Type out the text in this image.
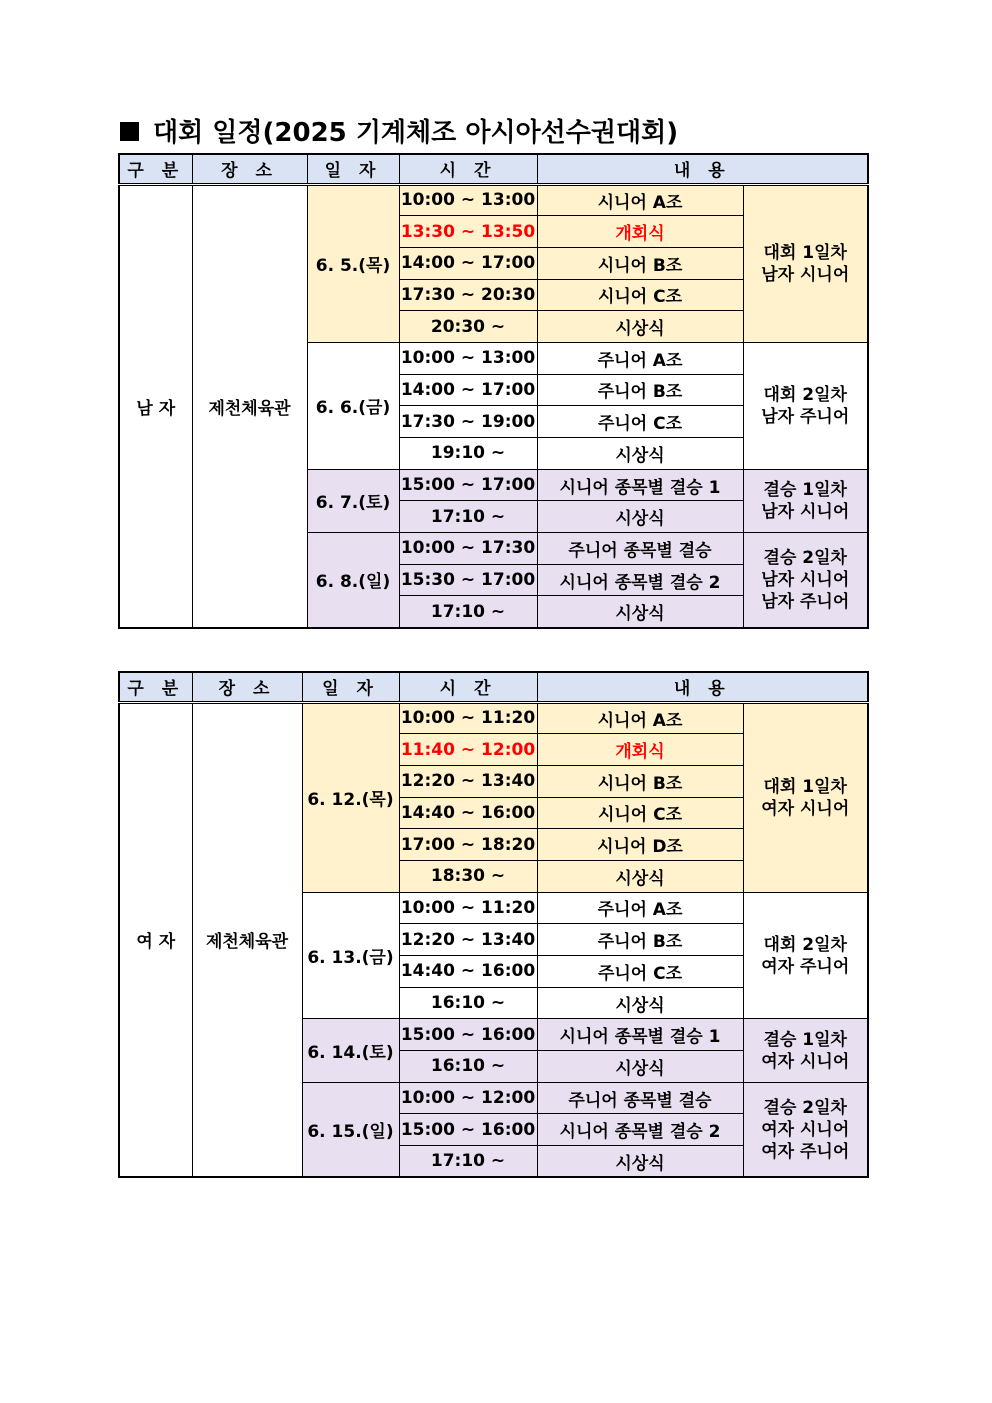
대회 일정(2025 기계체조 아시아선수권대회)
구 분	장 소	일 자	시 간	내 용	
남 자	제천체육관	6. 5.(목)	10:00 ~ 13:00	시니어 A조	대회 1일차
남자 시니어

			13:30 ~ 13:50	개회식	
			14:00 ~ 17:00	시니어 B조	
			17:30 ~ 20:30	시니어 C조	
			20:30 ~	시상식	
		6. 6.(금)	10:00 ~ 13:00	주니어 A조	대회 2일차
남자 주니어

			14:00 ~ 17:00	주니어 B조	
			17:30 ~ 19:00	주니어 C조	
			19:10 ~	시상식	
		6. 7.(토)	15:00 ~ 17:00	시니어 종목별 결승 1	결승 1일차
남자 시니어

			17:10 ~	시상식	
		6. 8.(일)	10:00 ~ 17:30	주니어 종목별 결승	결승 2일차
남자 시니어
남자 주니어

			15:30 ~ 17:00	시니어 종목별 결승 2	
			17:10 ~	시상식	
구 분	장 소	일 자	시 간	내 용	
여 자	제천체육관	6. 12.(목)	10:00 ~ 11:20	시니어 A조	대회 1일차
여자 시니어

			11:40 ~ 12:00	개회식	
			12:20 ~ 13:40	시니어 B조	
			14:40 ~ 16:00	시니어 C조	
			17:00 ~ 18:20	시니어 D조	
			18:30 ~	시상식	
		6. 13.(금)	10:00 ~ 11:20	주니어 A조	대회 2일차
여자 주니어

			12:20 ~ 13:40	주니어 B조	
			14:40 ~ 16:00	주니어 C조	
			16:10 ~	시상식	
		6. 14.(토)	15:00 ~ 16:00	시니어 종목별 결승 1	결승 1일차
여자 시니어

			16:10 ~	시상식	
		6. 15.(일)	10:00 ~ 12:00	주니어 종목별 결승	결승 2일차
여자 시니어
여자 주니어

			15:00 ~ 16:00	시니어 종목별 결승 2	
			17:10 ~	시상식	
